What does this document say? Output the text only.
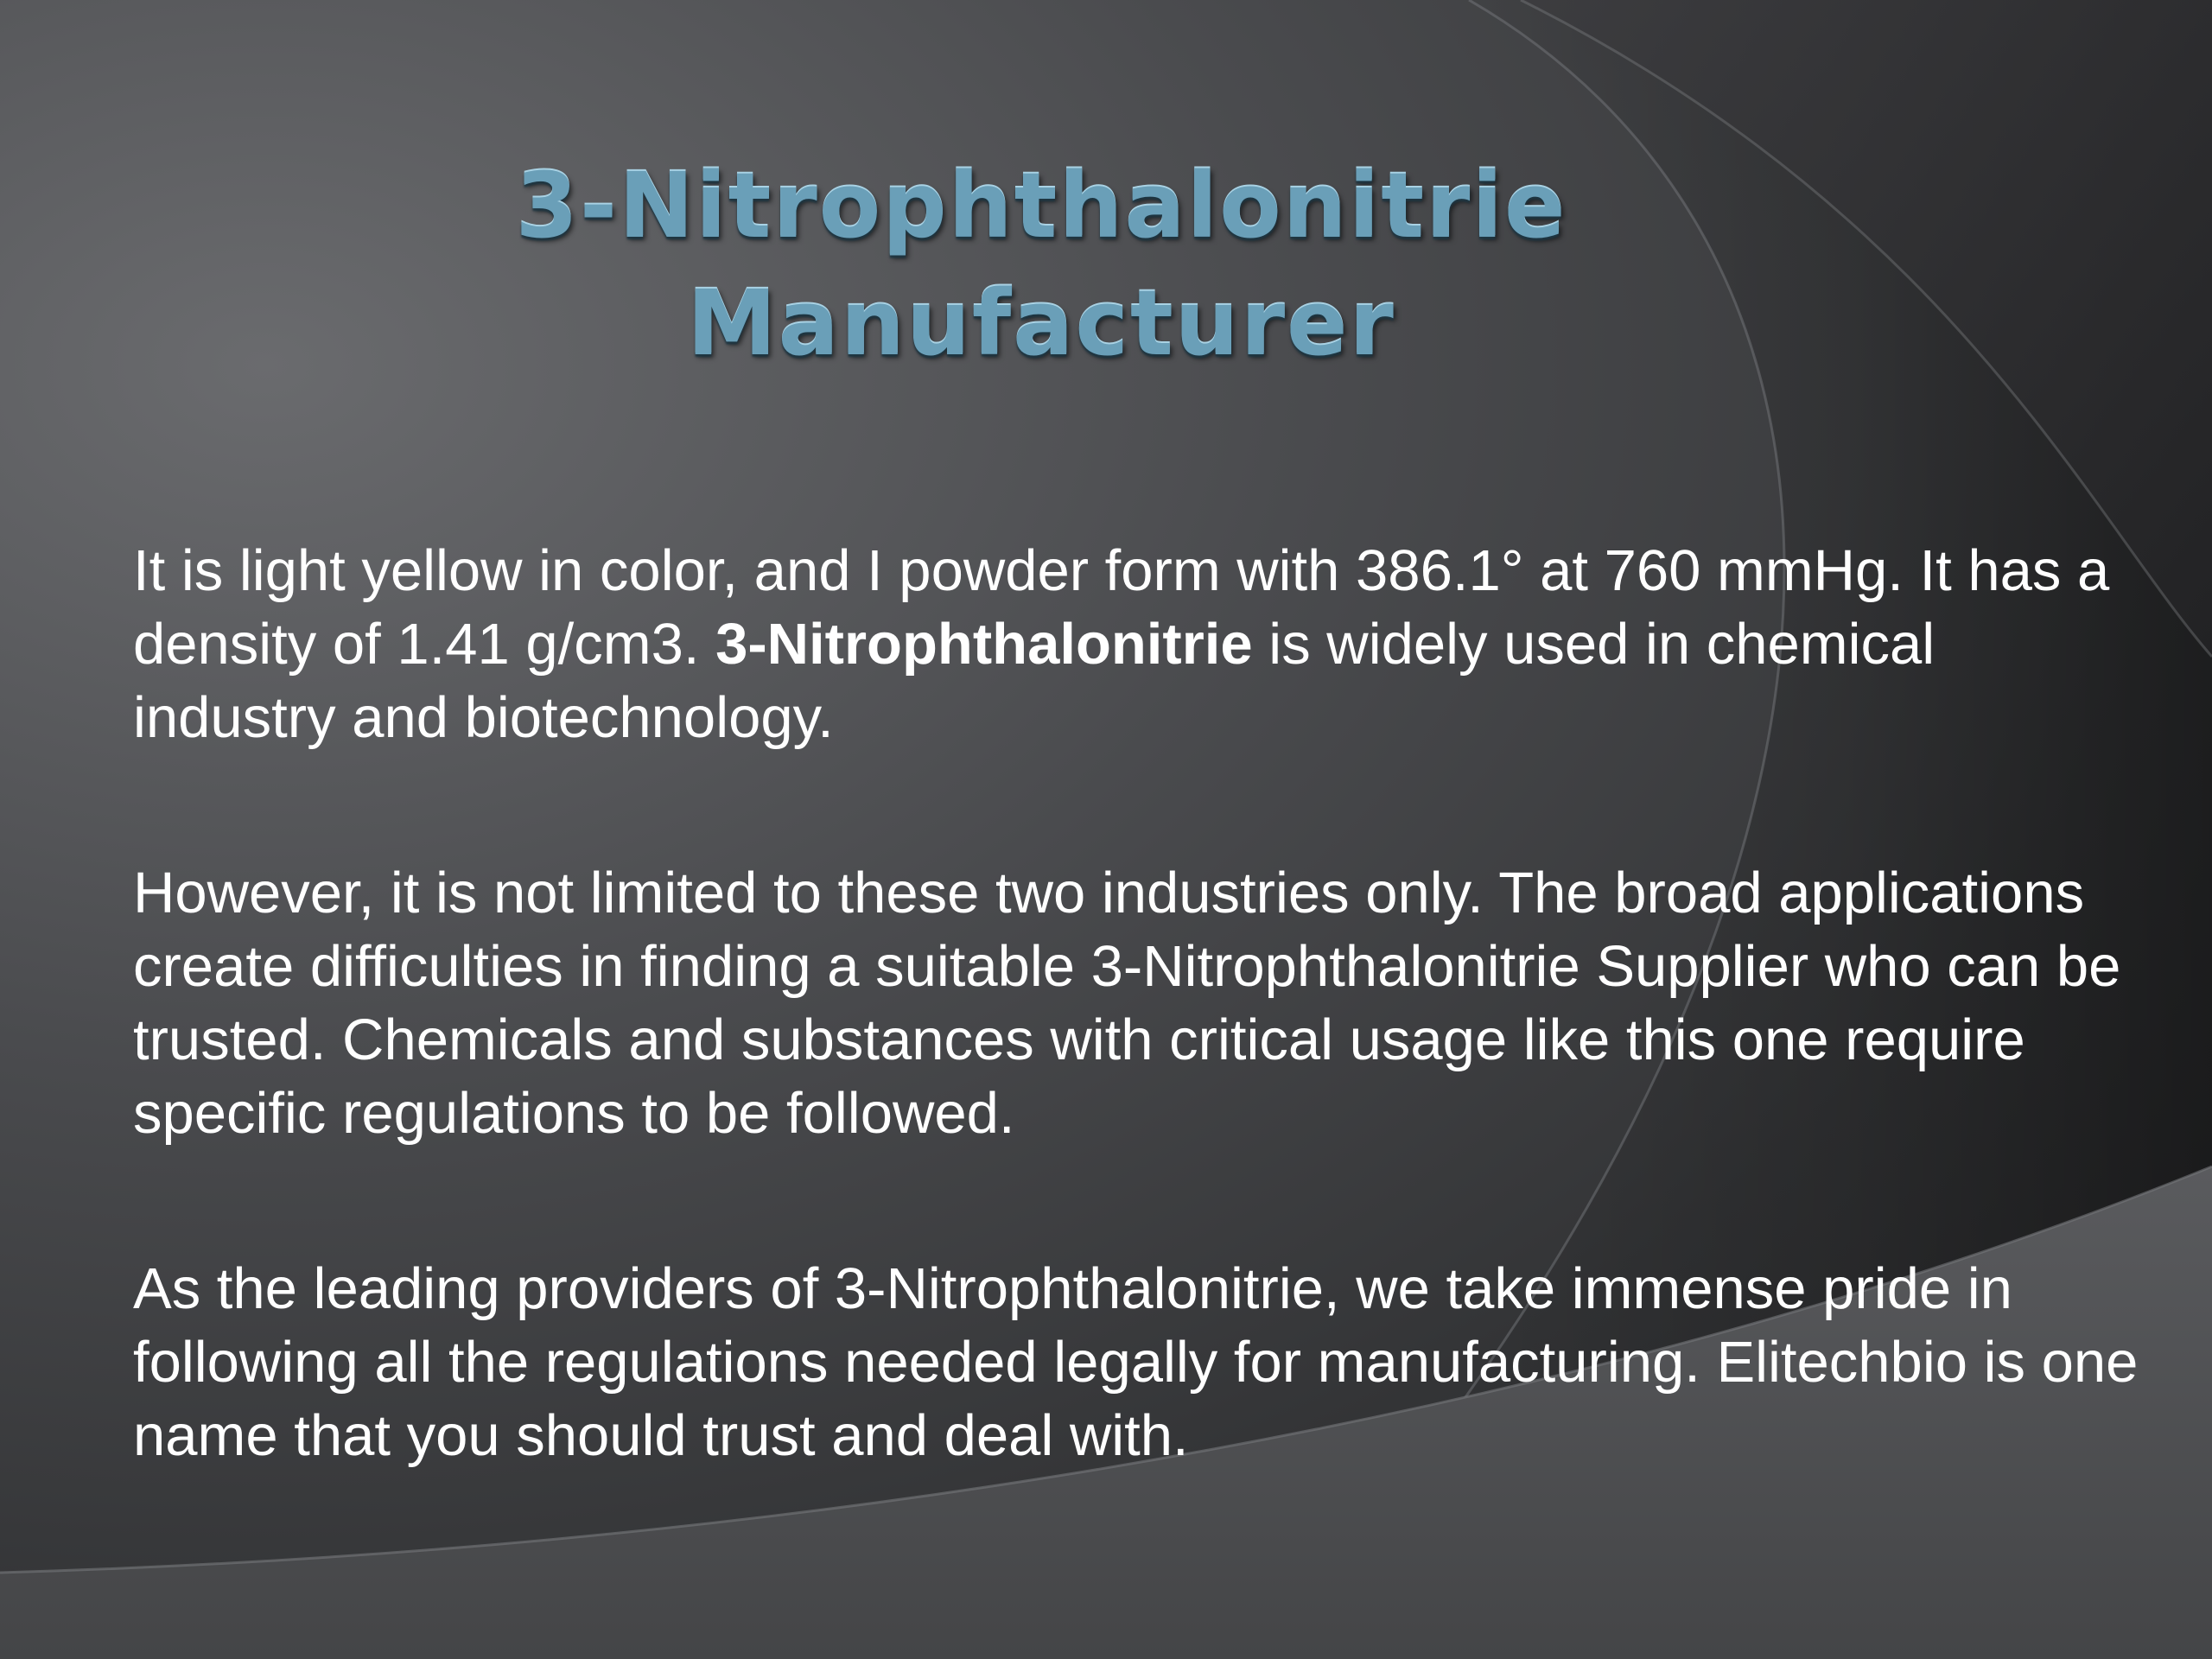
3-Nitrophthalonitrie
Manufacturer

It is light yellow in color, and I powder form with 386.1° at 760 mmHg. It has a density of 1.41 g/cm3. 3-Nitrophthalonitrie is widely used in chemical industry and biotechnology.

However, it is not limited to these two industries only. The broad applications create difficulties in finding a suitable 3-Nitrophthalonitrie Supplier who can be trusted. Chemicals and substances with critical usage like this one require specific regulations to be followed.

As the leading providers of 3-Nitrophthalonitrie, we take immense pride in following all the regulations needed legally for manufacturing. Elitechbio is one name that you should trust and deal with.
